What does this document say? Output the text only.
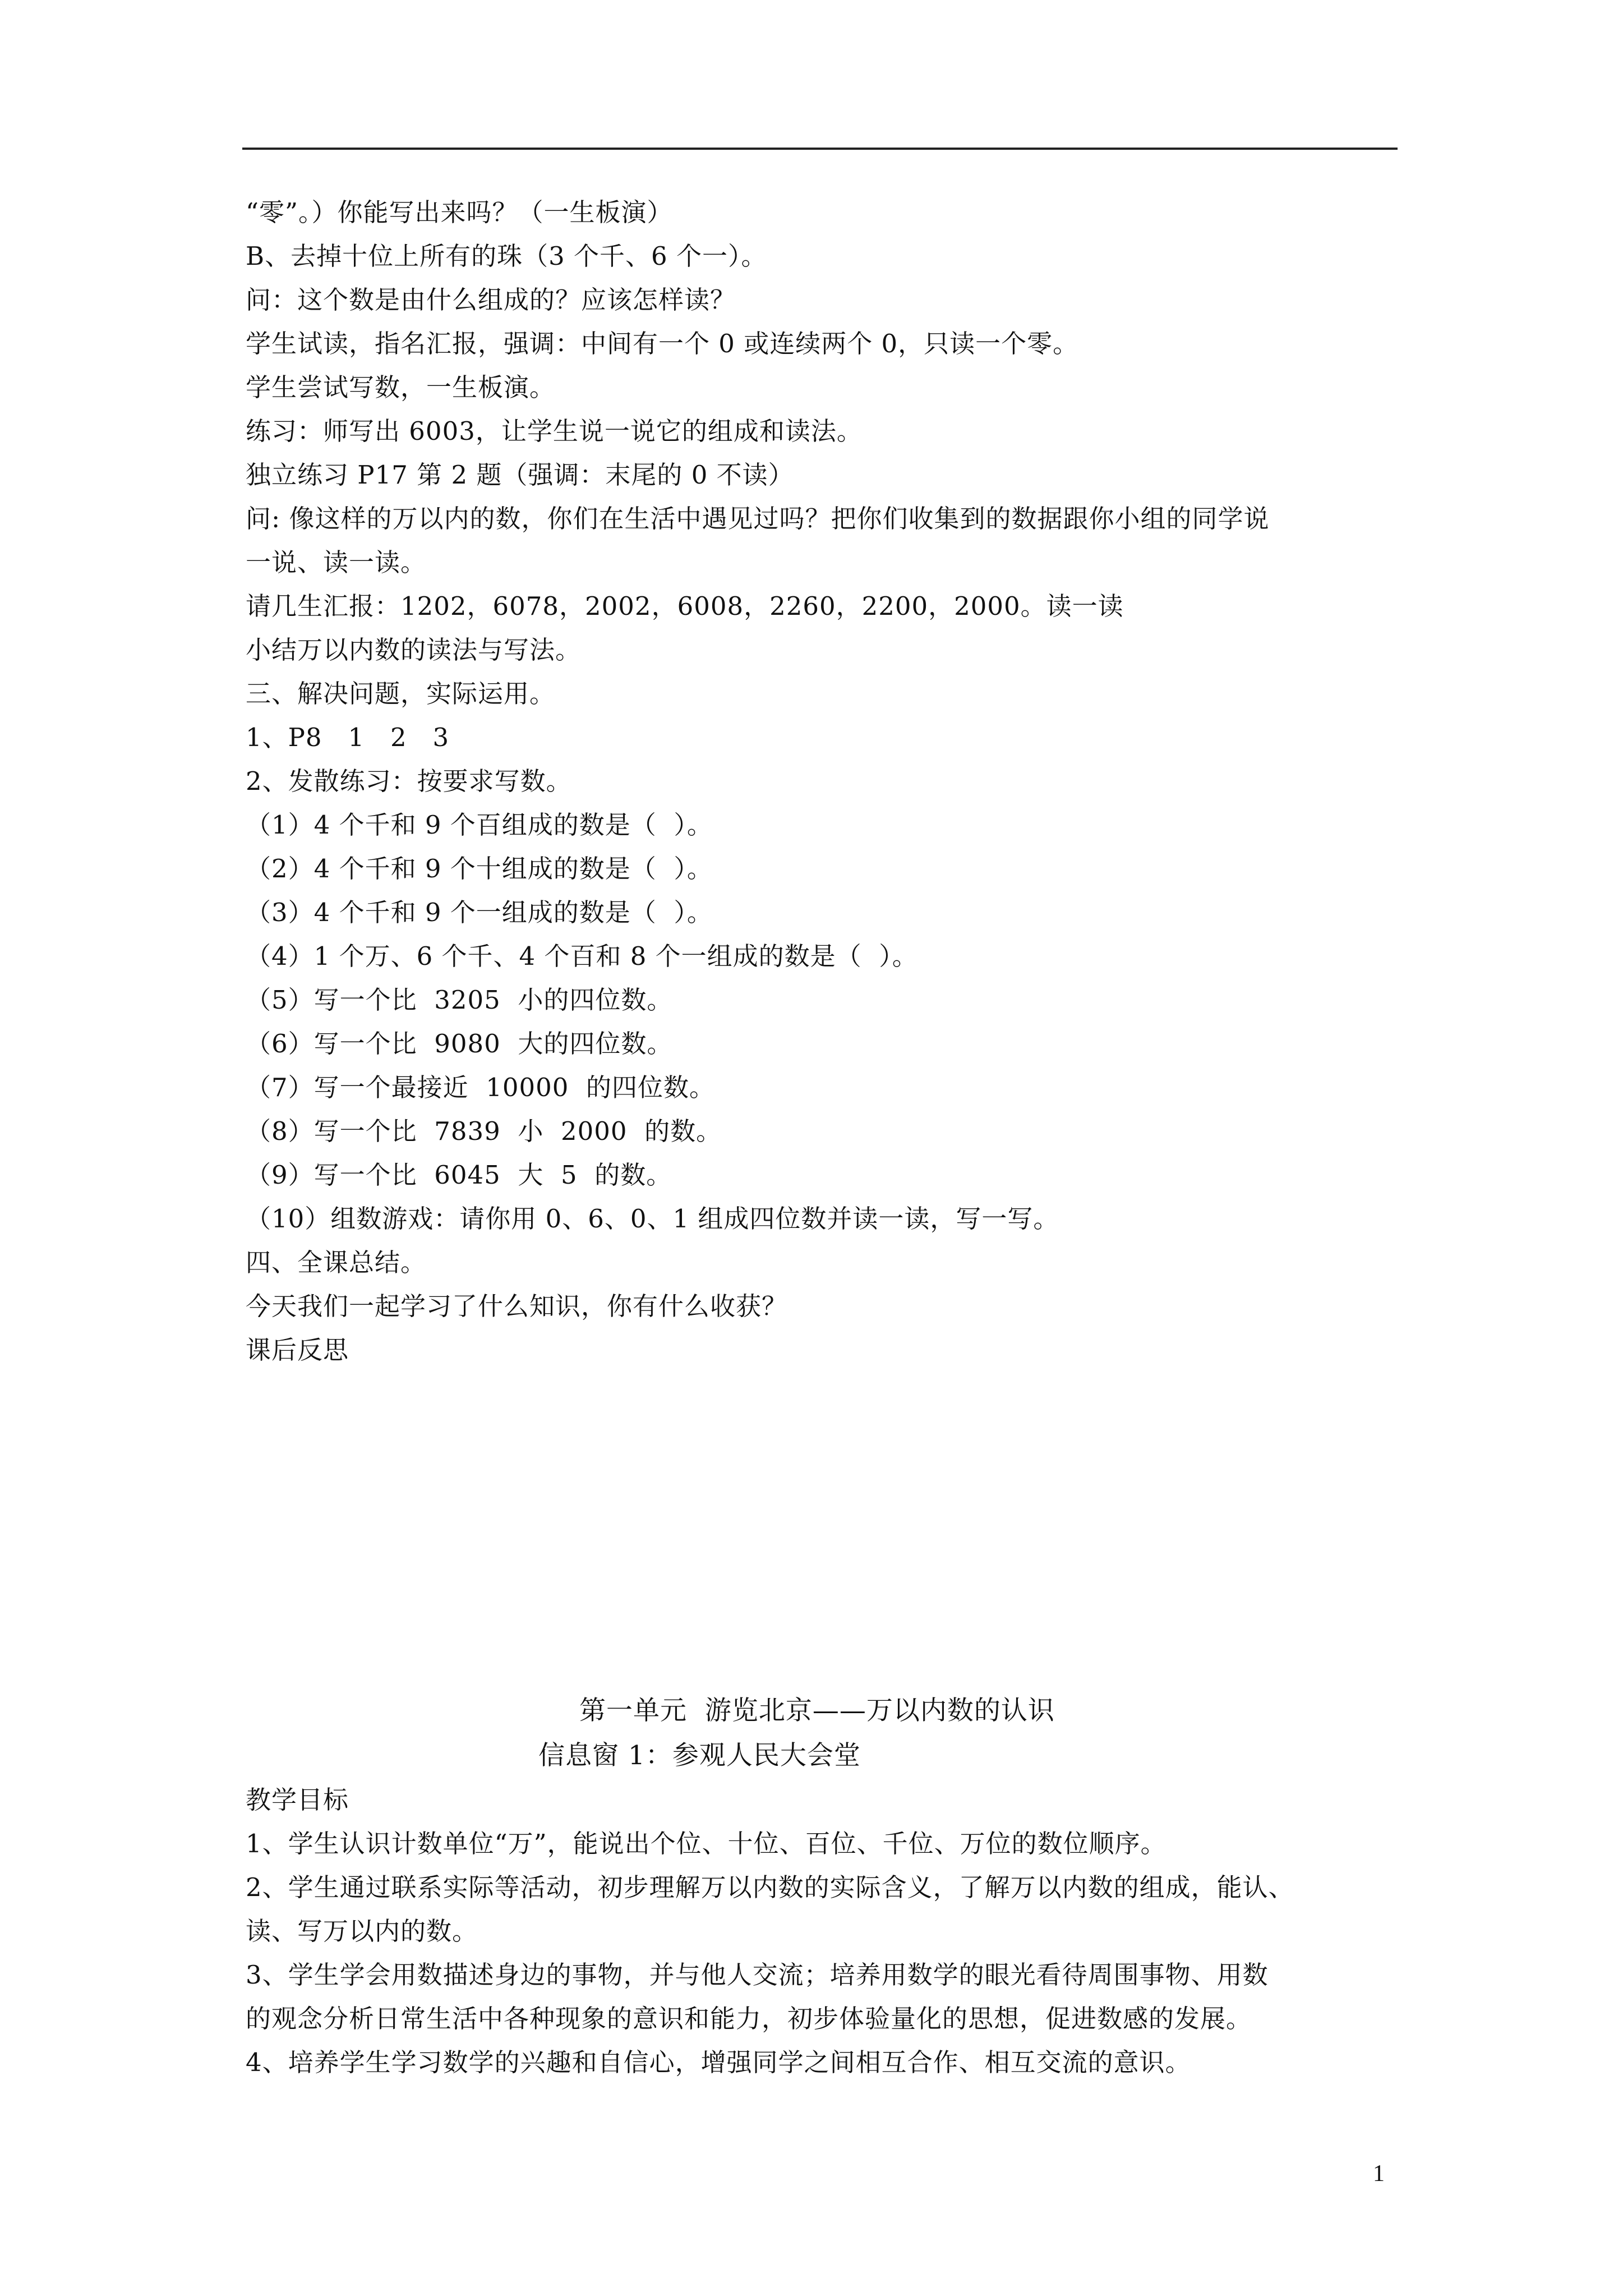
“零”。）你能写出来吗？（一生板演）
B、去掉十位上所有的珠（3 个千、6 个一）。
问：这个数是由什么组成的？应该怎样读？
学生试读，指名汇报，强调：中间有一个 0 或连续两个 0，只读一个零。
学生尝试写数，一生板演。
练习：师写出 6003，让学生说一说它的组成和读法。
独立练习 P17 第 2 题（强调：末尾的 0 不读）
问: 像这样的万以内的数，你们在生活中遇见过吗？把你们收集到的数据跟你小组的同学说
一说、读一读。
请几生汇报：1202，6078，2002，6008，2260，2200，2000。读一读
小结万以内数的读法与写法。
三、解决问题，实际运用。
1、P8   1   2   3
2、发散练习：按要求写数。
（1）4 个千和 9 个百组成的数是（  ）。
（2）4 个千和 9 个十组成的数是（  ）。
（3）4 个千和 9 个一组成的数是（  ）。
（4）1 个万、6 个千、4 个百和 8 个一组成的数是（  ）。
（5）写一个比  3205  小的四位数。
（6）写一个比  9080  大的四位数。
（7）写一个最接近  10000  的四位数。
（8）写一个比  7839  小  2000  的数。
（9）写一个比  6045  大  5  的数。
（10）组数游戏：请你用 0、6、0、1 组成四位数并读一读，写一写。
四、全课总结。
今天我们一起学习了什么知识，你有什么收获？
课后反思
第一单元  游览北京——万以内数的认识
信息窗 1：参观人民大会堂
教学目标
1、学生认识计数单位“万”，能说出个位、十位、百位、千位、万位的数位顺序。
2、学生通过联系实际等活动，初步理解万以内数的实际含义，了解万以内数的组成，能认、
读、写万以内的数。
3、学生学会用数描述身边的事物，并与他人交流；培养用数学的眼光看待周围事物、用数
的观念分析日常生活中各种现象的意识和能力，初步体验量化的思想，促进数感的发展。
4、培养学生学习数学的兴趣和自信心，增强同学之间相互合作、相互交流的意识。
1
